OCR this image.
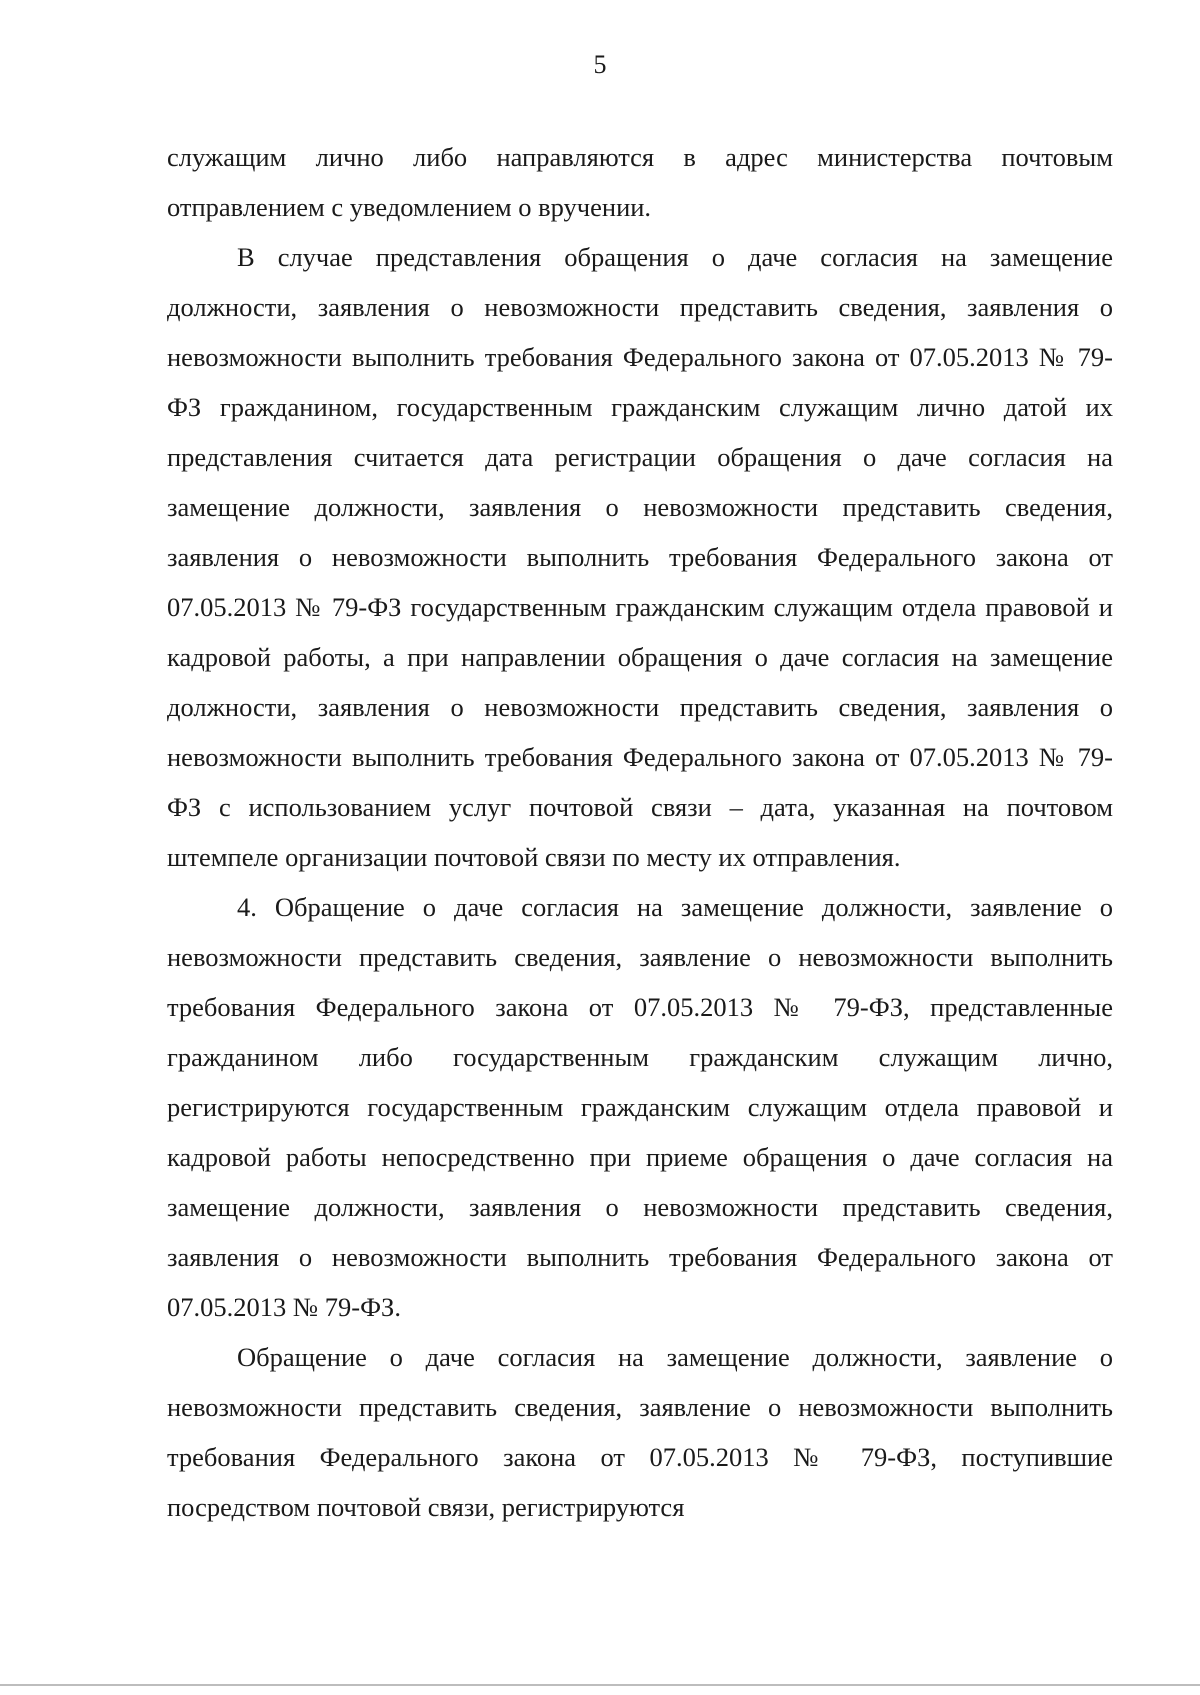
5

служащим лично либо направляются в адрес министерства почтовым отправлением с уведомлением о вручении.

В случае представления обращения о даче согласия на замещение должности, заявления о невозможности представить сведения, заявления о невозможности выполнить требования Федерального закона от 07.05.2013 № 79-ФЗ гражданином, государственным гражданским служащим лично датой их представления считается дата регистрации обращения о даче согласия на замещение должности, заявления о невозможности представить сведения, заявления о невозможности выполнить требования Федерального закона от 07.05.2013 № 79-ФЗ государственным гражданским служащим отдела правовой и кадровой работы, а при направлении обращения о даче согласия на замещение должности, заявления о невозможности представить сведения, заявления о невозможности выполнить требования Федерального закона от 07.05.2013 № 79-ФЗ с использованием услуг почтовой связи – дата, указанная на почтовом штемпеле организации почтовой связи по месту их отправления.

4. Обращение о даче согласия на замещение должности, заявление о невозможности представить сведения, заявление о невозможности выполнить требования Федерального закона от 07.05.2013 № 79-ФЗ, представленные гражданином либо государственным гражданским служащим лично, регистрируются государственным гражданским служащим отдела правовой и кадровой работы непосредственно при приеме обращения о даче согласия на замещение должности, заявления о невозможности представить сведения, заявления о невозможности выполнить требования Федерального закона от 07.05.2013 № 79-ФЗ.

Обращение о даче согласия на замещение должности, заявление о невозможности представить сведения, заявление о невозможности выполнить требования Федерального закона от 07.05.2013 № 79-ФЗ, поступившие посредством почтовой связи, регистрируются
